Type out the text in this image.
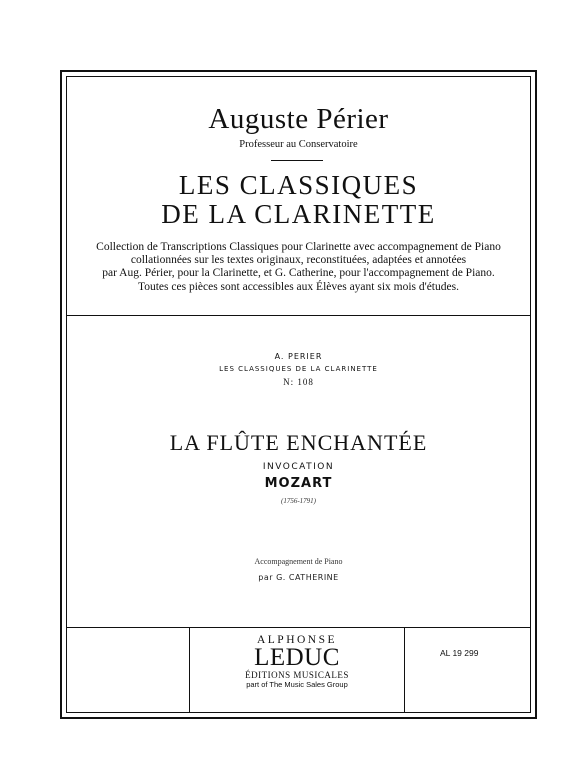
Auguste Périer
Professeur au Conservatoire
LES CLASSIQUES
DE LA CLARINETTE
Collection de Transcriptions Classiques pour Clarinette avec accompagnement de Piano
collationnées sur les textes originaux, reconstituées, adaptées et annotées
par Aug. Périer, pour la Clarinette, et G. Catherine, pour l'accompagnement de Piano.
Toutes ces pièces sont accessibles aux Élèves ayant six mois d'études.
A. PERIER
LES CLASSIQUES DE LA CLARINETTE
N: 108
LA FLÛTE ENCHANTÉE
INVOCATION
MOZART
(1756-1791)
Accompagnement de Piano
par G. CATHERINE
ALPHONSE
LEDUC
ÉDITIONS MUSICALES
part of The Music Sales Group
AL 19 299
